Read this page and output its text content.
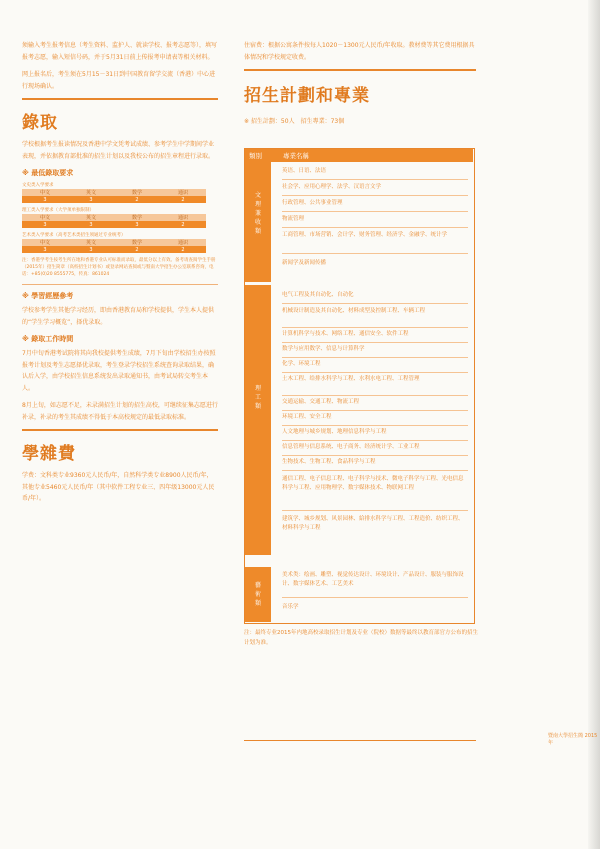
须输入考生报考信息（考生资料、监护人、就读学校、报考志愿等），填写报考志愿，输入短信号码，并于5月31日前上传报考申请表等相关材料。

网上报名后，考生须在5月15－31日到中国教育留学交流（香港）中心进行现场确认。

錄取

学校根据考生报读情况及香港中学文凭考试成绩、参考学生中学期间学业表现，并依据教育部批准的招生计划以及我校公布的招生章程进行录取。

※ 最低錄取要求
文史类入学要求
中文	英文	数学	通识
3	3	2	2
理工类入学要求（大学须单独限制）
中文	英文	数学	通识
3	3	3	2
艺术类入学要求（高考艺术类招生须通过专业统考）
中文	英文	数学	通识
3	3	2	2

注：香港学考生按考生所在地和香港专业认可标准而录取，最低分以上有效。备考请查阅学生手册（2015年）招生简章（高校招生计划书）或登录网站查阅或与暨南大学招生办公室联系咨询，电话：+85(0)20 8555775，传真：861024

※ 學習經歷參考

学校参考学生其他学习经历，即由香港教育局和学校提供，学生本人提供的“学生学习概览”，择优录取。

※ 錄取工作時間

7月中旬香港考试院将其向我校提供考生成绩，7月下旬由学校招生办按照报考计划及考生志愿择优录取，考生登录学校招生系统查询录取结果，确认后入学，由学校招生信息系统发出录取通知书，由考试局转交考生本人。

8月上旬，如志愿不足，未录满招生计划的招生高校，可继续征集志愿进行补录，补录的考生其成绩不得低于本高校规定的最低录取标准。

學雜費

学费：文科类专业9360元人民币/年，自然科学类专业8900人民币/年，其他专业5460元人民币/年（其中软件工程专业三、四年级13000元人民币/年）。

住宿费：根据公寓条件按每人1020－1300元人民币/年收取。教材费等其它费用根据具体情况和学校规定收费。

招生計劃和專業
※ 招生計劃：50人　招生專業：73個
類別	專業名稱
文
理
兼
收
類
英语、日语、法语
社会学、应用心理学、法学、汉语言文学
行政管理、公共事业管理
物流管理
工商管理、市场营销、会计学、财务管理、经济学、金融学、统计学
新闻学及新闻传播
理
工
類
电气工程及其自动化、自动化
机械设计制造及其自动化、材料成型及控制工程、车辆工程
计算机科学与技术、网络工程、通信安全、软件工程
数学与应用数学、信息与计算科学
化学、环境工程
土木工程、给排水科学与工程、水利水电工程、工程管理
交通运输、交通工程、物流工程
环境工程、安全工程
人文地理与城乡规划、地理信息科学与工程
信息管理与信息系统、电子商务、经济统计学、工业工程
生物技术、生物工程、食品科学与工程
通信工程、电子信息工程、电子科学与技术、微电子科学与工程、光电信息科学与工程、应用物理学、数字媒体技术、物联网工程
建筑学、城乡规划、风景园林、給排水科学与工程、工程造价、纺织工程、材料科学与工程
藝
術
類
美术类：绘画、雕塑、视觉传达设计、环境设计、产品设计、服装与服饰设计、数字媒体艺术、工艺美术
音乐学
注：最终专业2015年内地高校录取招生计划及专业（院校）数据等最终以教育部官方公布的招生计划为准。
暨南大學招生簡 2015年
